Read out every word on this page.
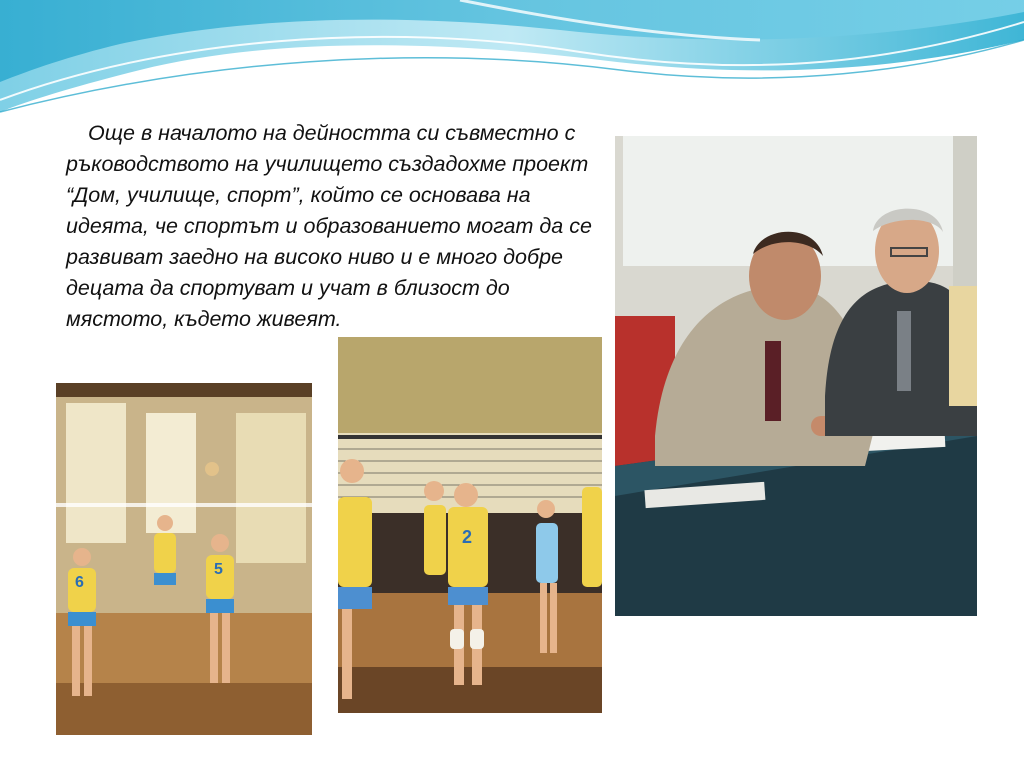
Още в началото на дейността си съвместно с ръководството на училището създадохме проект “Дом, училище, спорт”, който се основава на идеята, че спортът и образованието могат да се развиват заедно на високо ниво и е много добре децата да спортуват и учат в близост до мястото, където живеят.

6
5
2
